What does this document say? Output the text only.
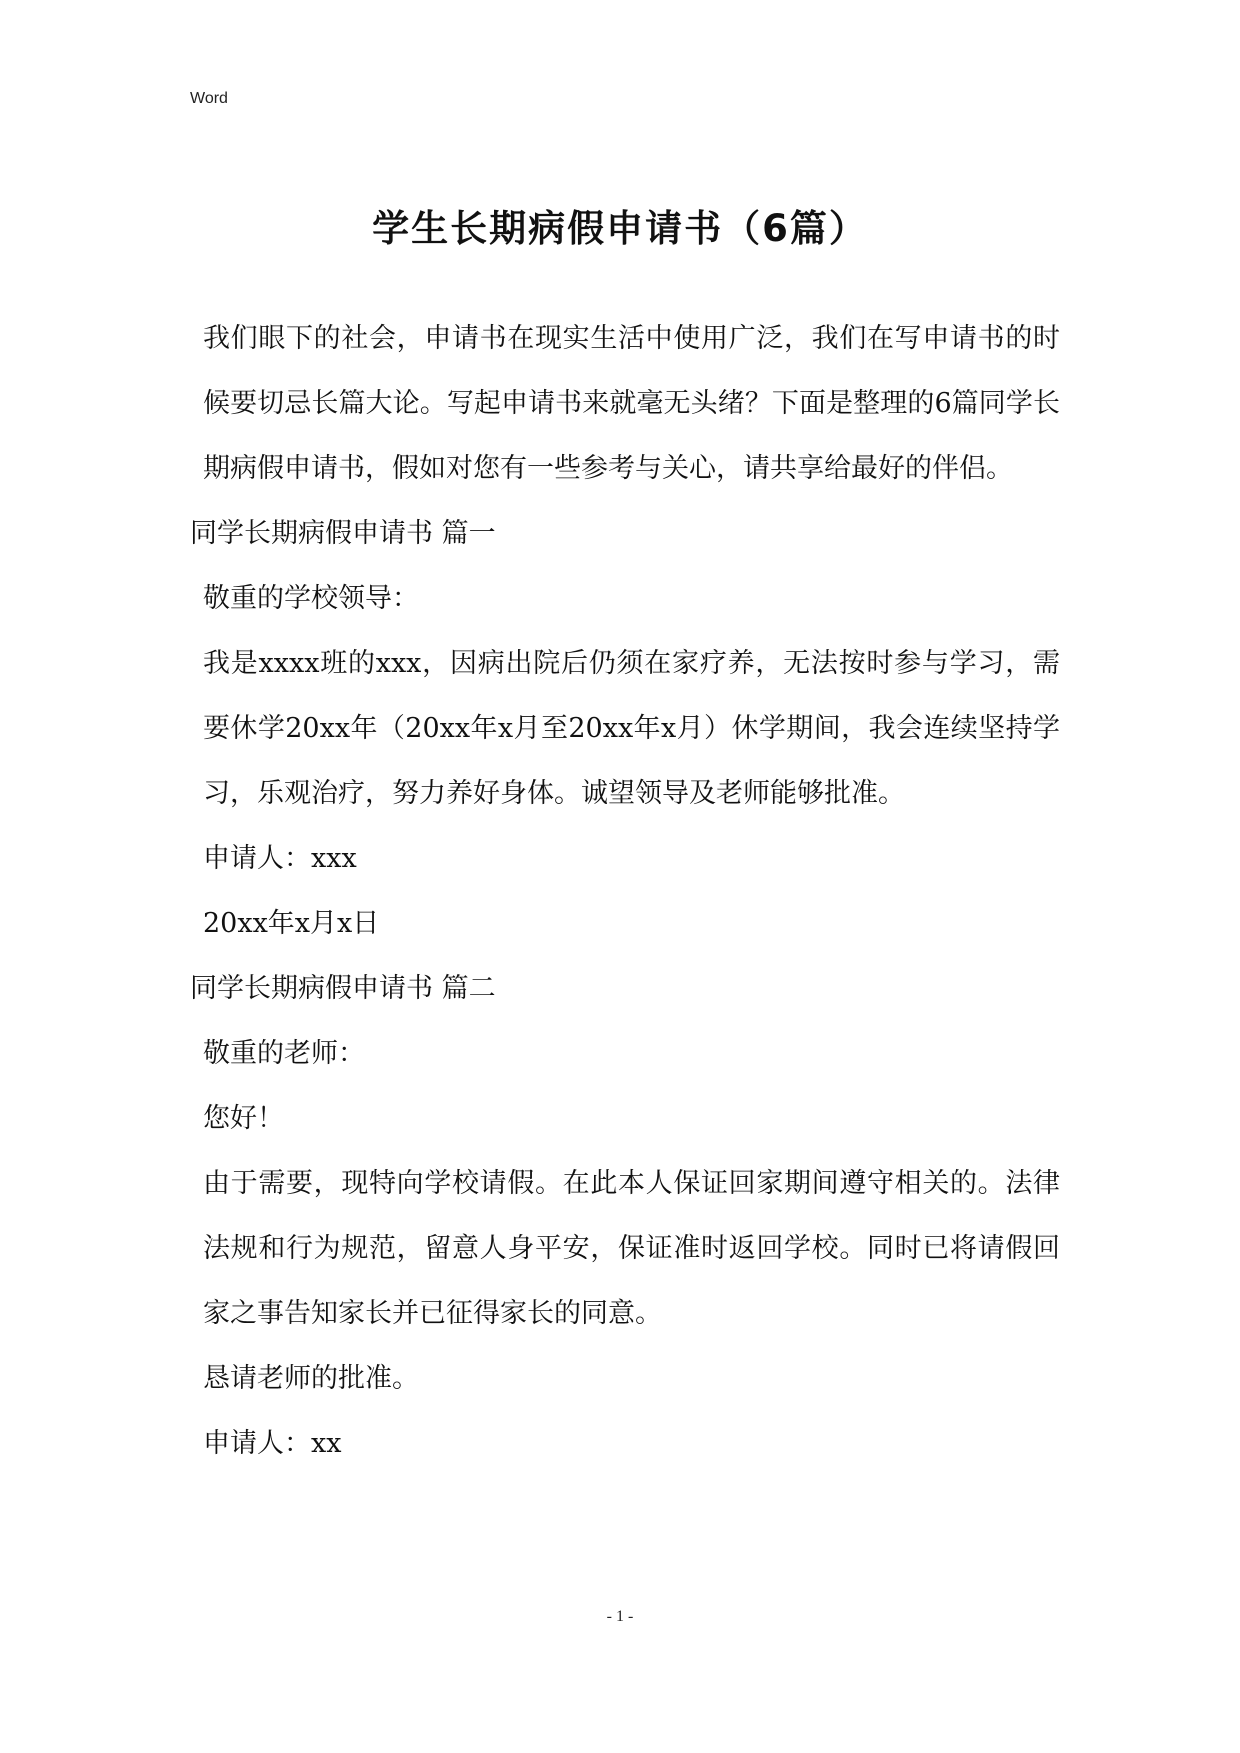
Word
学生长期病假申请书（6篇）

我们眼下的社会，申请书在现实生活中使用广泛，我们在写申请书的时候要切忌长篇大论。写起申请书来就毫无头绪？下面是整理的6篇同学长期病假申请书，假如对您有一些参考与关心，请共享给最好的伴侣。

同学长期病假申请书 篇一

敬重的学校领导：

我是xxxx班的xxx，因病出院后仍须在家疗养，无法按时参与学习，需要休学20xx年（20xx年x月至20xx年x月）休学期间，我会连续坚持学习，乐观治疗，努力养好身体。诚望领导及老师能够批准。

申请人：xxx

20xx年x月x日

同学长期病假申请书 篇二

敬重的老师：

您好！

由于需要，现特向学校请假。在此本人保证回家期间遵守相关的。法律法规和行为规范，留意人身平安，保证准时返回学校。同时已将请假回家之事告知家长并已征得家长的同意。

恳请老师的批准。

申请人：xx

- 1 -
